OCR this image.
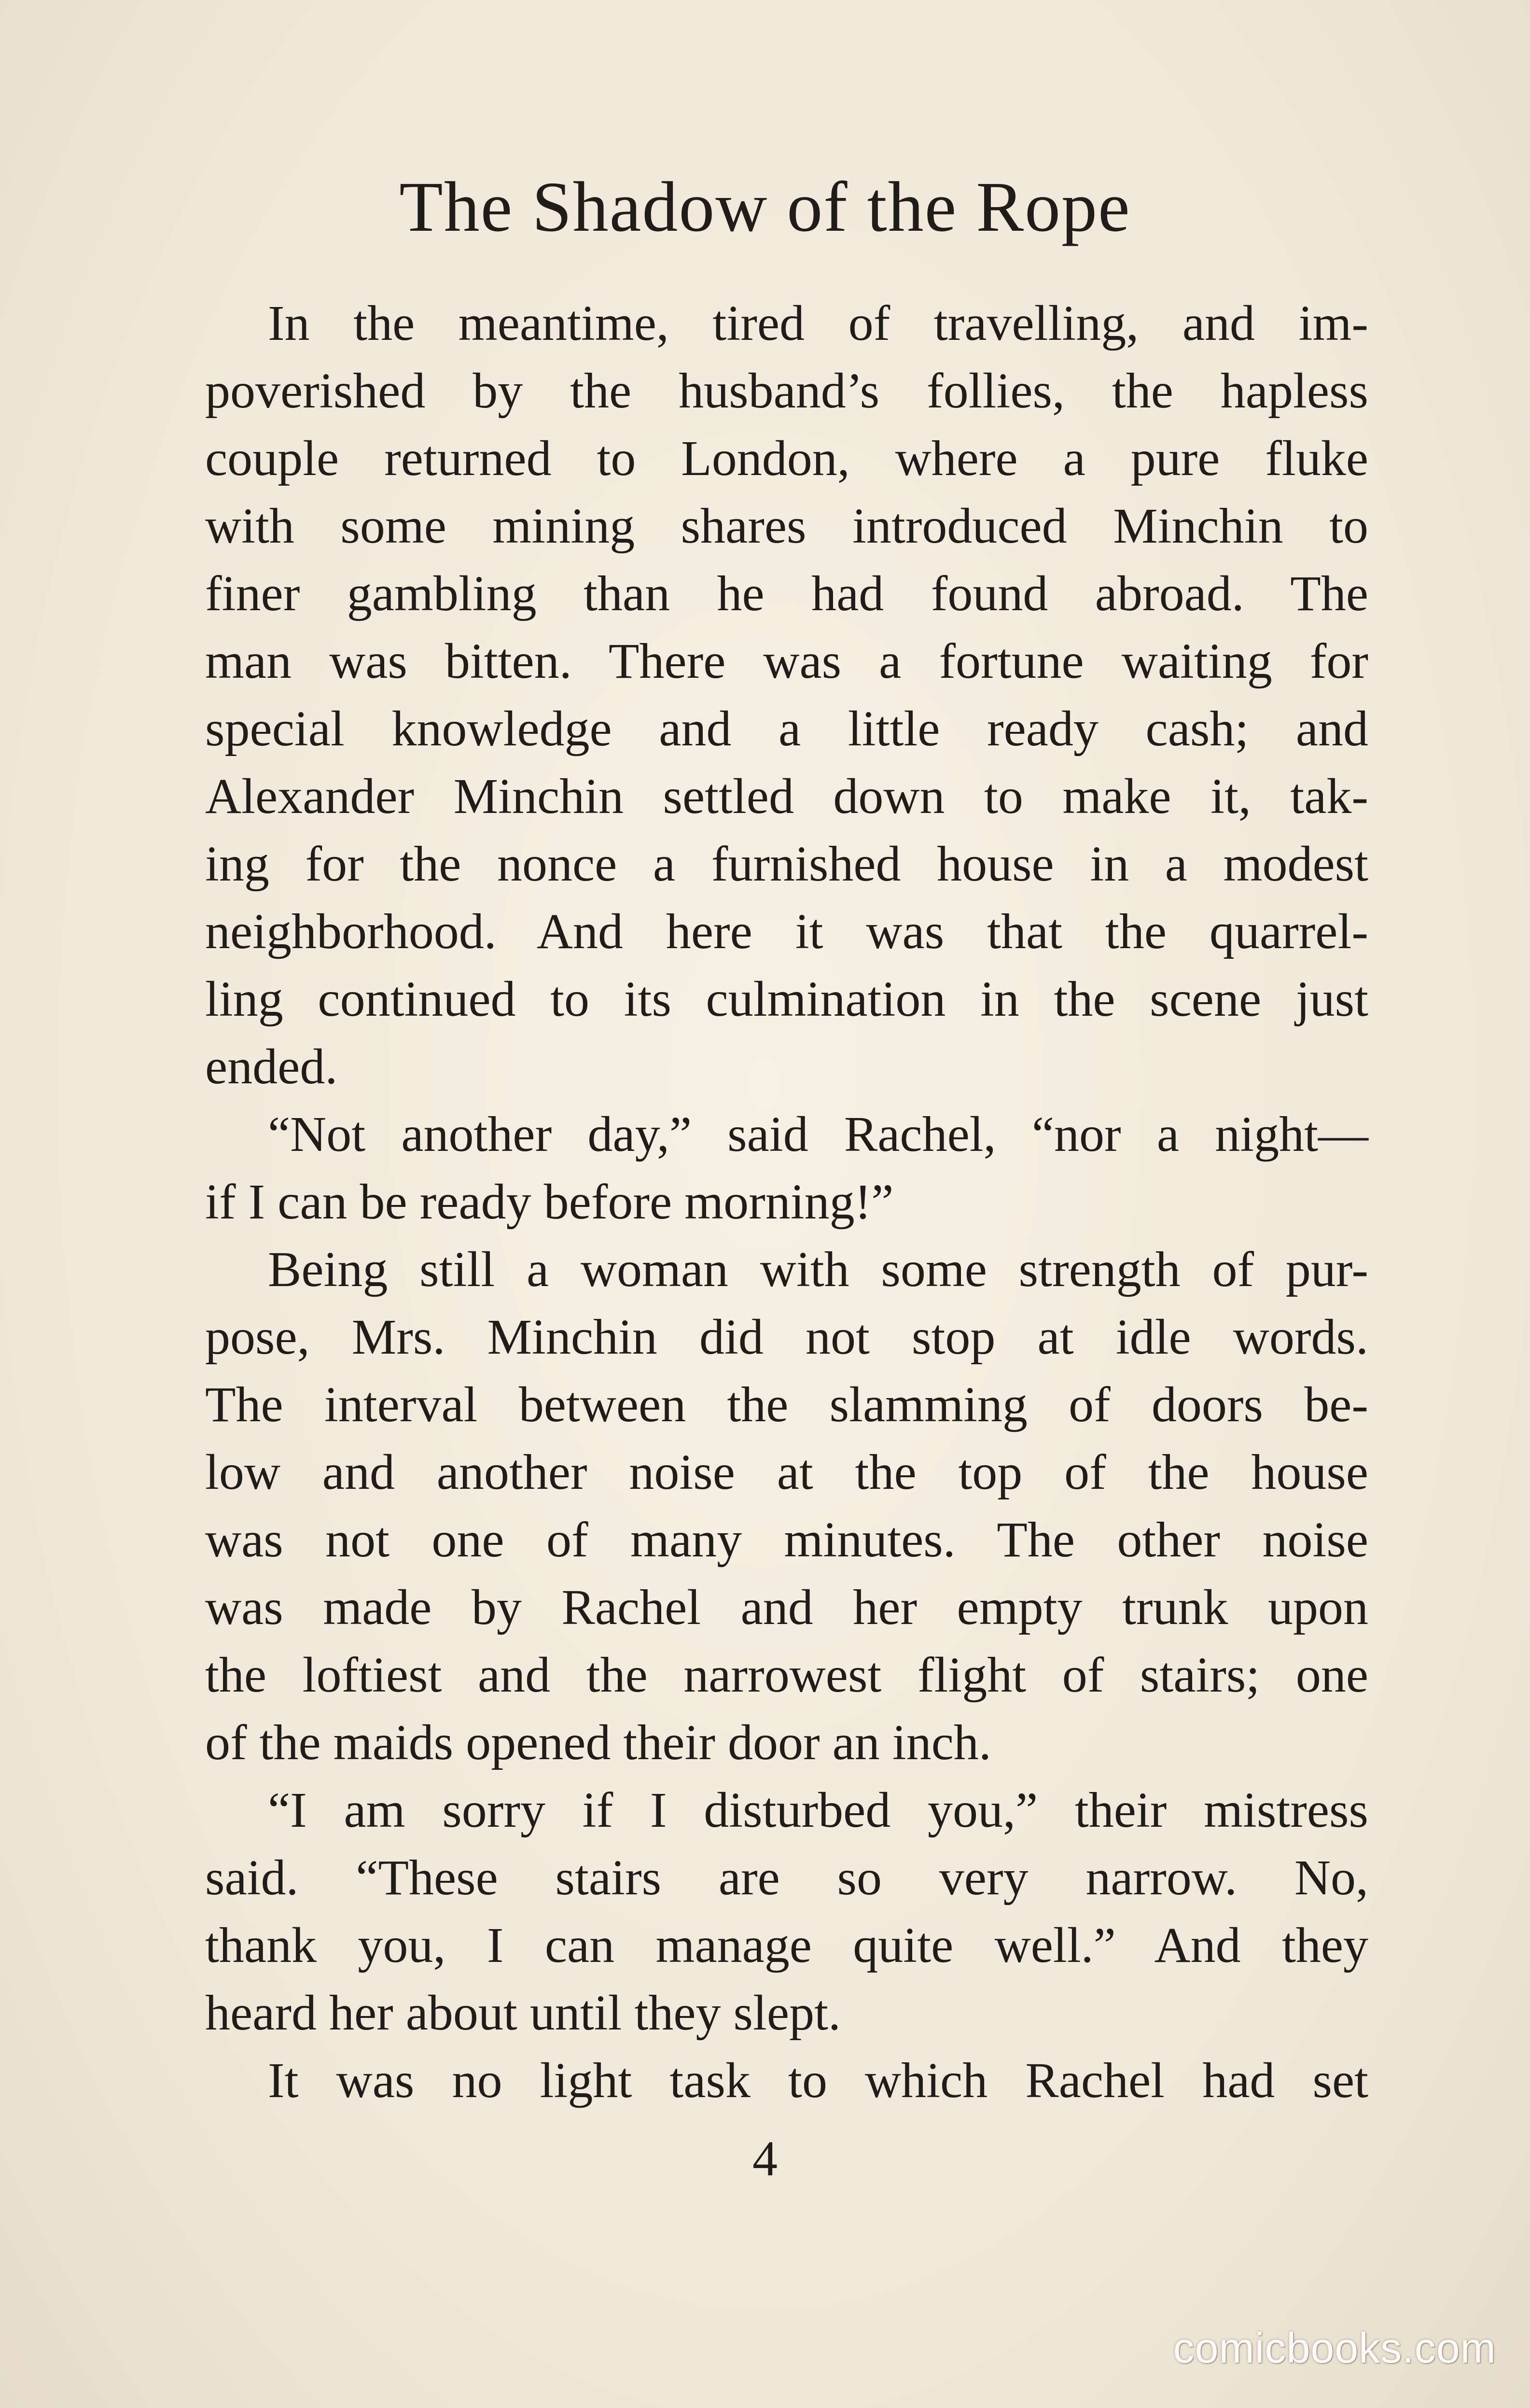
The Shadow of the Rope
In the meantime, tired of travelling, and im-
poverished by the husband’s follies, the hapless
couple returned to London, where a pure fluke
with some mining shares introduced Minchin to
finer gambling than he had found abroad. The
man was bitten. There was a fortune waiting for
special knowledge and a little ready cash; and
Alexander Minchin settled down to make it, tak-
ing for the nonce a furnished house in a modest
neighborhood. And here it was that the quarrel-
ling continued to its culmination in the scene just
ended.
“Not another day,” said Rachel, “nor a night—
if I can be ready before morning!”
Being still a woman with some strength of pur-
pose, Mrs. Minchin did not stop at idle words.
The interval between the slamming of doors be-
low and another noise at the top of the house
was not one of many minutes. The other noise
was made by Rachel and her empty trunk upon
the loftiest and the narrowest flight of stairs; one
of the maids opened their door an inch.
“I am sorry if I disturbed you,” their mistress
said. “These stairs are so very narrow. No,
thank you, I can manage quite well.” And they
heard her about until they slept.
It was no light task to which Rachel had set
4
comicbooks.com
